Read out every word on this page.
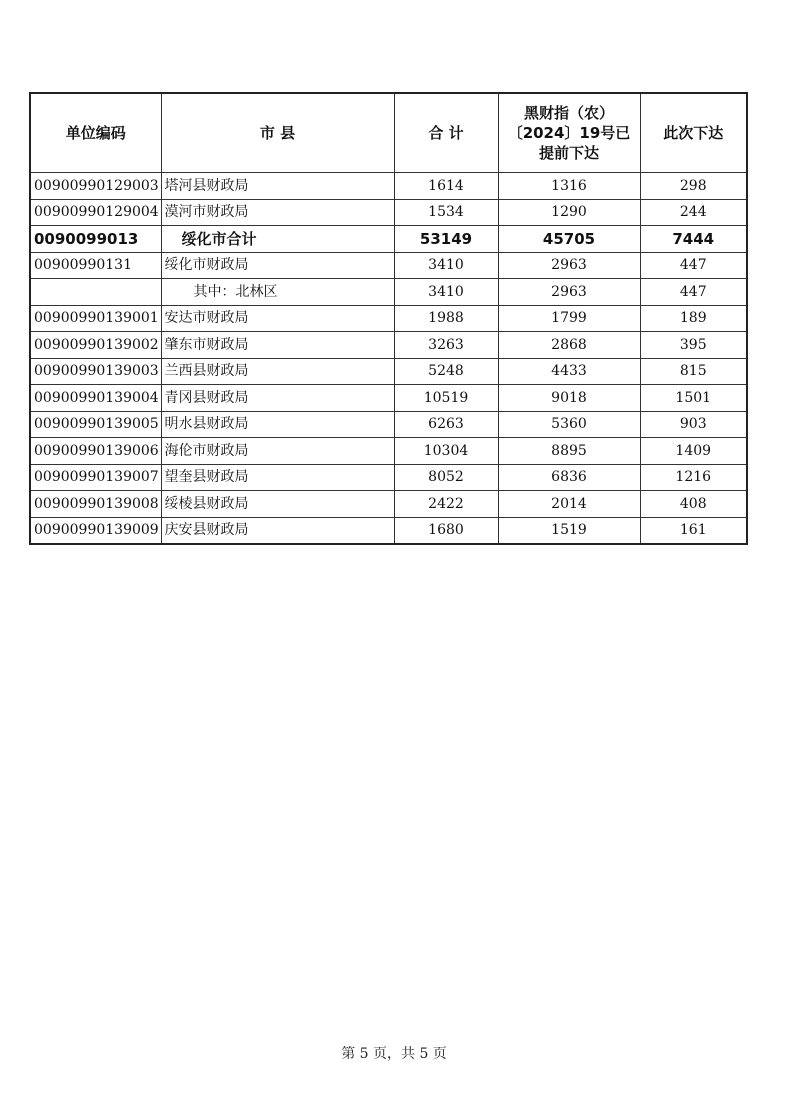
单位编码	市 县	合 计	黑财指（农）〔2024〕19号已提前下达	此次下达
00900990129003	塔河县财政局	1614	1316	298
00900990129004	漠河市财政局	1534	1290	244
0090099013	绥化市合计	53149	45705	7444
00900990131	绥化市财政局	3410	2963	447
	其中：北林区	3410	2963	447
00900990139001	安达市财政局	1988	1799	189
00900990139002	肇东市财政局	3263	2868	395
00900990139003	兰西县财政局	5248	4433	815
00900990139004	青冈县财政局	10519	9018	1501
00900990139005	明水县财政局	6263	5360	903
00900990139006	海伦市财政局	10304	8895	1409
00900990139007	望奎县财政局	8052	6836	1216
00900990139008	绥棱县财政局	2422	2014	408
00900990139009	庆安县财政局	1680	1519	161
第 5 页，共 5 页
